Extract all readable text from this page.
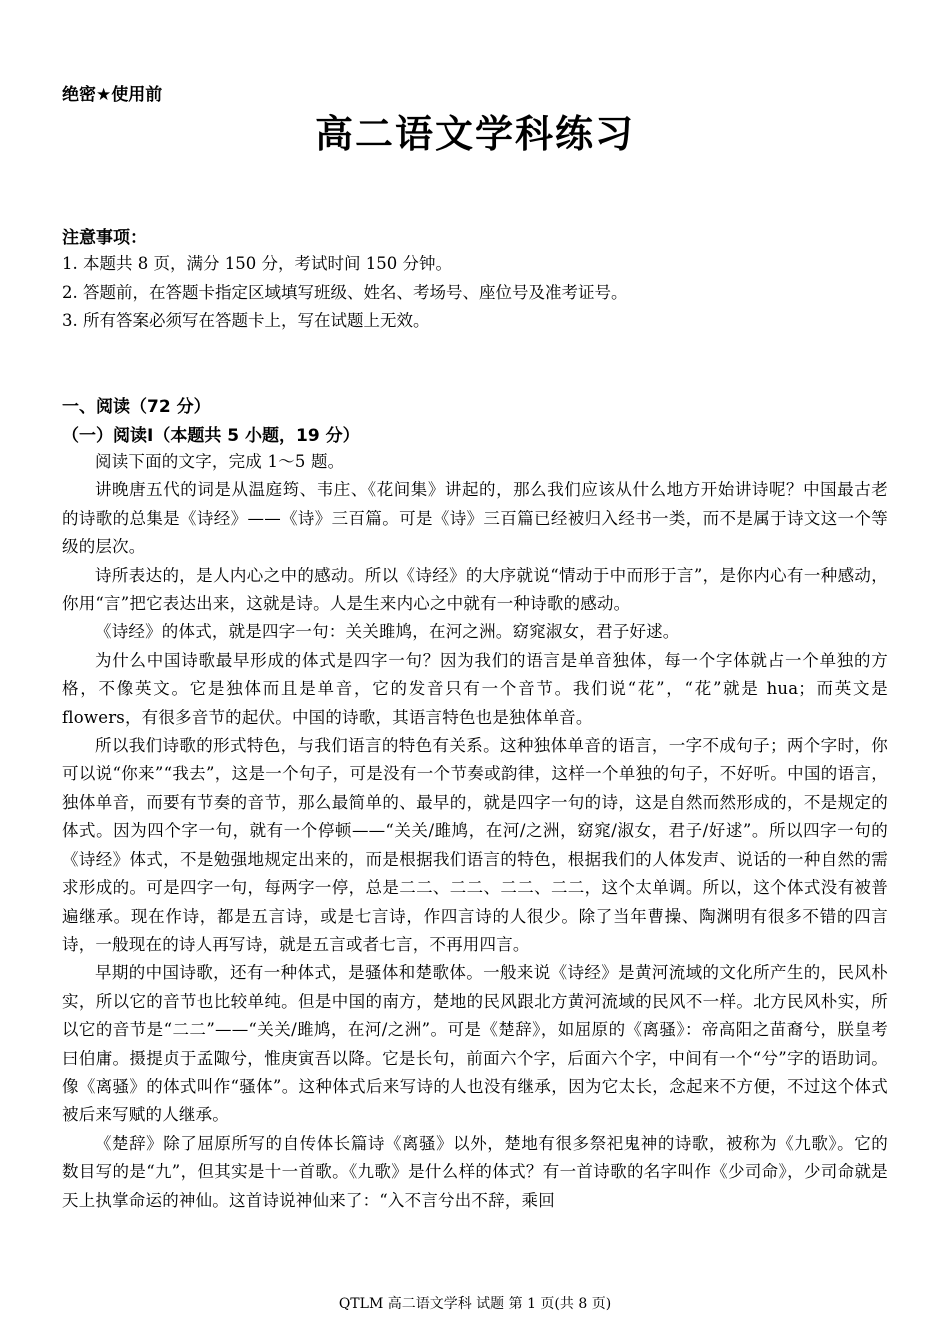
绝密★使用前
高二语文学科练习
注意事项：
1. 本题共 8 页，满分 150 分，考试时间 150 分钟。
2. 答题前，在答题卡指定区域填写班级、姓名、考场号、座位号及准考证号。
3. 所有答案必须写在答题卡上，写在试题上无效。
一、阅读（72 分）
（一）阅读Ⅰ（本题共 5 小题，19 分）

阅读下面的文字，完成 1～5 题。

讲晚唐五代的词是从温庭筠、韦庄、《花间集》讲起的，那么我们应该从什么地方开始讲诗呢？中国最古老的诗歌的总集是《诗经》——《诗》三百篇。可是《诗》三百篇已经被归入经书一类，而不是属于诗文这一个等级的层次。

诗所表达的，是人内心之中的感动。所以《诗经》的大序就说“情动于中而形于言”，是你内心有一种感动，你用“言”把它表达出来，这就是诗。人是生来内心之中就有一种诗歌的感动。

《诗经》的体式，就是四字一句：关关雎鸠，在河之洲。窈窕淑女，君子好逑。

为什么中国诗歌最早形成的体式是四字一句？因为我们的语言是单音独体，每一个字体就占一个单独的方格，不像英文。它是独体而且是单音，它的发音只有一个音节。我们说“花”，“花”就是 hua；而英文是 flowers，有很多音节的起伏。中国的诗歌，其语言特色也是独体单音。

所以我们诗歌的形式特色，与我们语言的特色有关系。这种独体单音的语言，一字不成句子；两个字时，你可以说“你来”“我去”，这是一个句子，可是没有一个节奏或韵律，这样一个单独的句子，不好听。中国的语言，独体单音，而要有节奏的音节，那么最简单的、最早的，就是四字一句的诗，这是自然而然形成的，不是规定的体式。因为四个字一句，就有一个停顿——“关关/雎鸠，在河/之洲，窈窕/淑女，君子/好逑”。所以四字一句的《诗经》体式，不是勉强地规定出来的，而是根据我们语言的特色，根据我们的人体发声、说话的一种自然的需求形成的。可是四字一句，每两字一停，总是二二、二二、二二、二二，这个太单调。所以，这个体式没有被普遍继承。现在作诗，都是五言诗，或是七言诗，作四言诗的人很少。除了当年曹操、陶渊明有很多不错的四言诗，一般现在的诗人再写诗，就是五言或者七言，不再用四言。

早期的中国诗歌，还有一种体式，是骚体和楚歌体。一般来说《诗经》是黄河流域的文化所产生的，民风朴实，所以它的音节也比较单纯。但是中国的南方，楚地的民风跟北方黄河流域的民风不一样。北方民风朴实，所以它的音节是“二二”——“关关/雎鸠，在河/之洲”。可是《楚辞》，如屈原的《离骚》：帝高阳之苗裔兮，朕皇考曰伯庸。摄提贞于孟陬兮，惟庚寅吾以降。它是长句，前面六个字，后面六个字，中间有一个“兮”字的语助词。像《离骚》的体式叫作“骚体”。这种体式后来写诗的人也没有继承，因为它太长，念起来不方便，不过这个体式被后来写赋的人继承。

《楚辞》除了屈原所写的自传体长篇诗《离骚》以外，楚地有很多祭祀鬼神的诗歌，被称为《九歌》。它的数目写的是“九”，但其实是十一首歌。《九歌》是什么样的体式？有一首诗歌的名字叫作《少司命》，少司命就是天上执掌命运的神仙。这首诗说神仙来了：“入不言兮出不辞，乘回

QTLM 高二语文学科 试题 第 1 页(共 8 页)
